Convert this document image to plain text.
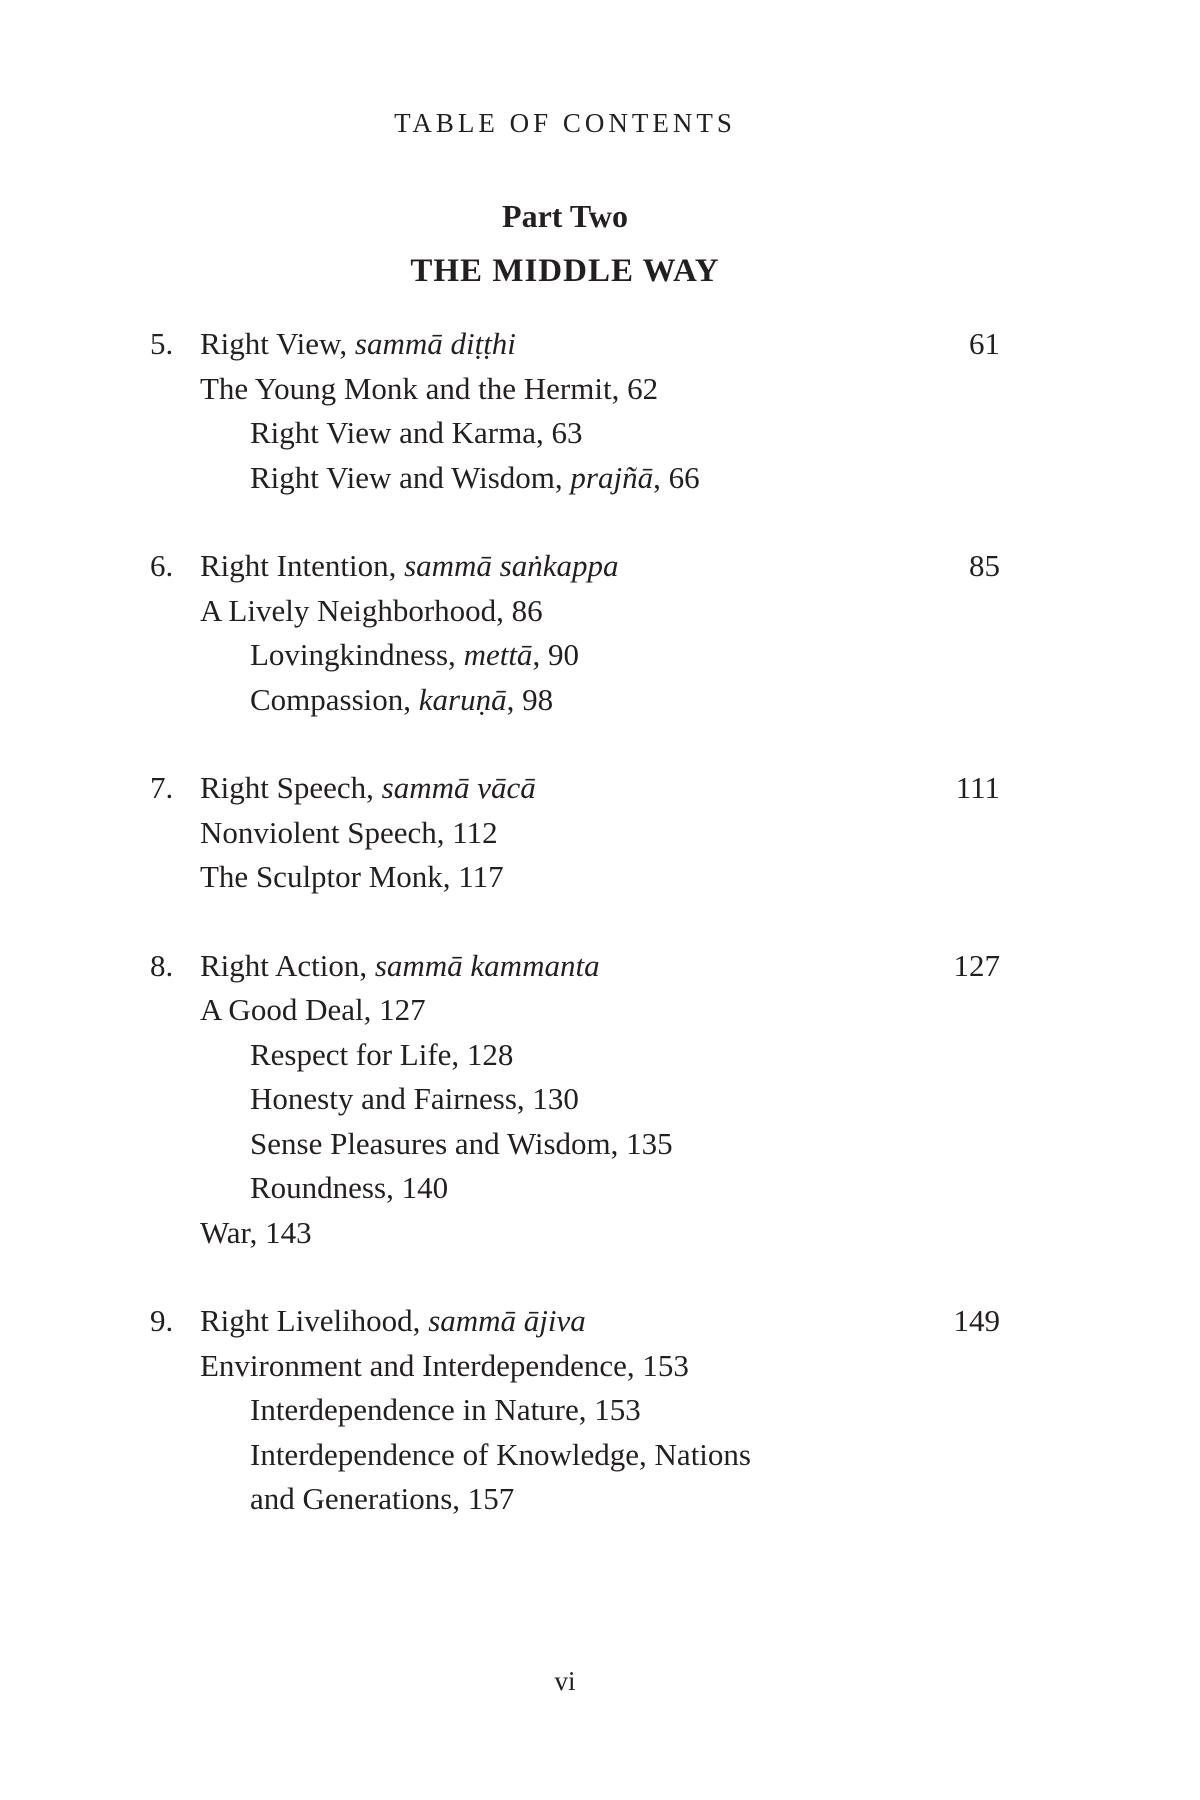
TABLE OF CONTENTS
Part Two
THE MIDDLE WAY
5. Right View, sammā diṭṭhi	61
The Young Monk and the Hermit, 62
Right View and Karma, 63
Right View and Wisdom, prajñā, 66
6. Right Intention, sammā saṅkappa	85
A Lively Neighborhood, 86
Lovingkindness, mettā, 90
Compassion, karuṇā, 98
7. Right Speech, sammā vācā	111
Nonviolent Speech, 112
The Sculptor Monk, 117
8. Right Action, sammā kammanta	127
A Good Deal, 127
Respect for Life, 128
Honesty and Fairness, 130
Sense Pleasures and Wisdom, 135
Roundness, 140
War, 143
9. Right Livelihood, sammā ājiva	149
Environment and Interdependence, 153
Interdependence in Nature, 153
Interdependence of Knowledge, Nations
and Generations, 157
vi
